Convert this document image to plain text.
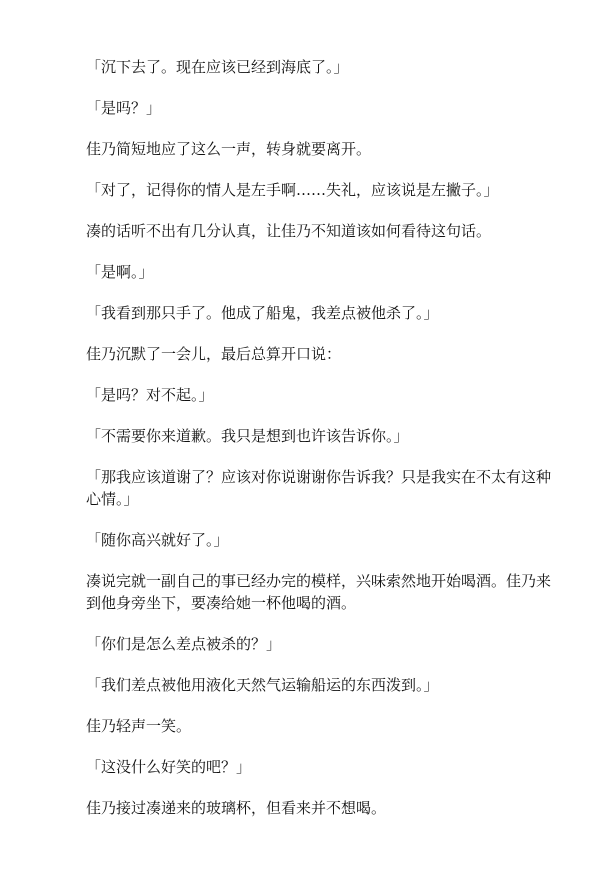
「沉下去了。现在应该已经到海底了。」

「是吗？」

佳乃简短地应了这么一声，转身就要离开。

「对了，记得你的情人是左手啊……失礼，应该说是左撇子。」

凑的话听不出有几分认真，让佳乃不知道该如何看待这句话。

「是啊。」

「我看到那只手了。他成了船鬼，我差点被他杀了。」

佳乃沉默了一会儿，最后总算开口说：

「是吗？对不起。」

「不需要你来道歉。我只是想到也许该告诉你。」

「那我应该道谢了？应该对你说谢谢你告诉我？只是我实在不太有这种心情。」

「随你高兴就好了。」

凑说完就一副自己的事已经办完的模样，兴味索然地开始喝酒。佳乃来到他身旁坐下，要凑给她一杯他喝的酒。

「你们是怎么差点被杀的？」

「我们差点被他用液化天然气运输船运的东西泼到。」

佳乃轻声一笑。

「这没什么好笑的吧？」

佳乃接过凑递来的玻璃杯，但看来并不想喝。
